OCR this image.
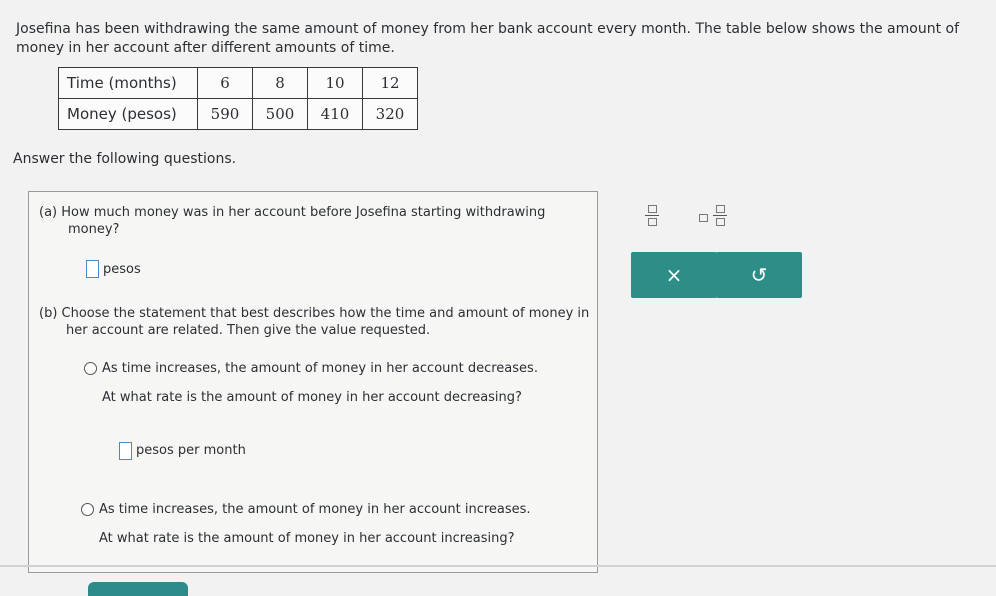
Josefina has been withdrawing the same amount of money from her bank account every month. The table below shows the amount of money in her account after different amounts of time.
Time (months)	6	8	10	12
Money (pesos)	590	500	410	320
Answer the following questions.
(a) How much money was in her account before Josefina starting withdrawing
money?
pesos
(b) Choose the statement that best describes how the time and amount of money in
her account are related. Then give the value requested.
As time increases, the amount of money in her account decreases.
At what rate is the amount of money in her account decreasing?
pesos per month
As time increases, the amount of money in her account increases.
At what rate is the amount of money in her account increasing?
×	↺
